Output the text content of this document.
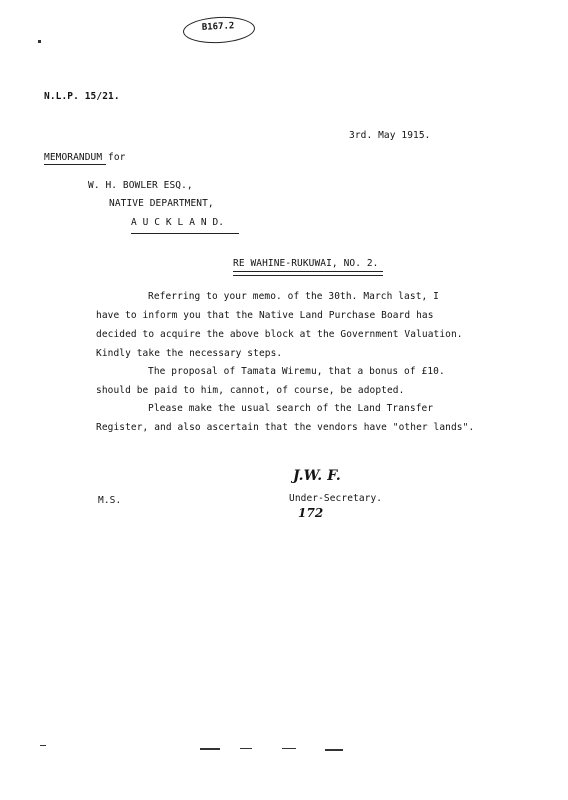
B167.2
N.L.P. 15/21.
3rd. May 1915.
MEMORANDUM for
W. H. BOWLER ESQ.,
NATIVE DEPARTMENT,
A U C K L A N D.
RE WAHINE-RUKUWAI, NO. 2.
Referring to your memo. of the 30th. March last, I
have to inform you that the Native Land Purchase Board has
decided to acquire the above block at the Government Valuation.
Kindly take the necessary steps.
The proposal of Tamata Wiremu, that a bonus of £10.
should be paid to him, cannot, of course, be adopted.
Please make the usual search of the Land Transfer
Register, and also ascertain that the vendors have "other lands".
J.W. F.
M.S.	Under-Secretary.
172
